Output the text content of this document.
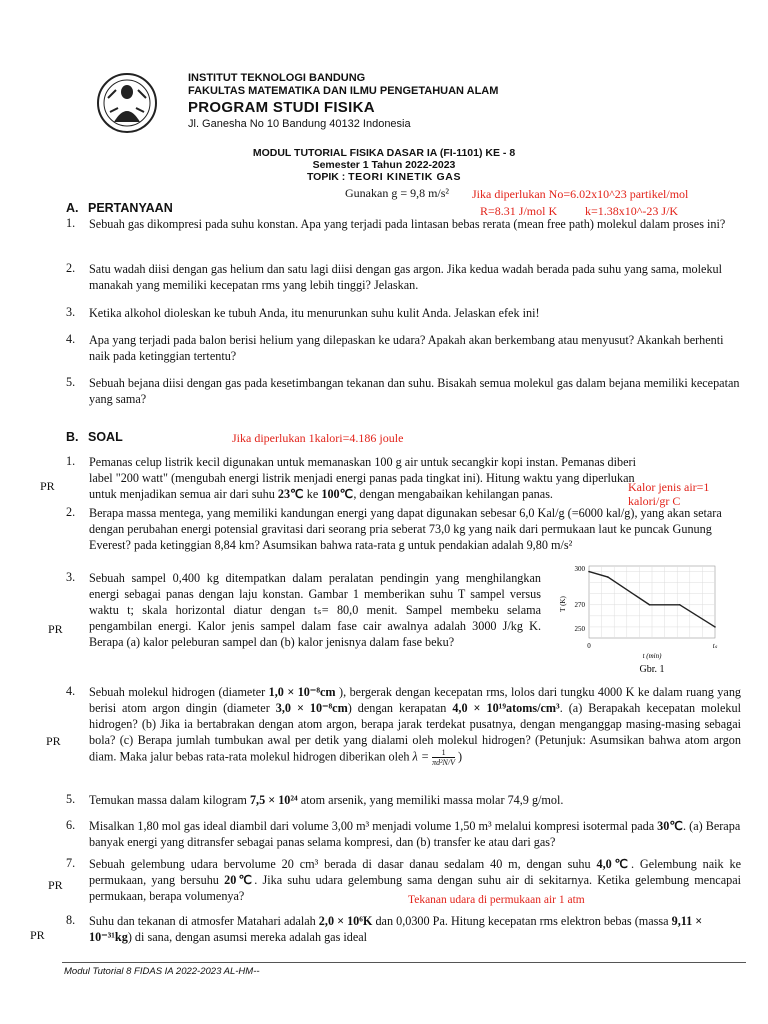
INSTITUT TEKNOLOGI BANDUNG
FAKULTAS MATEMATIKA DAN ILMU PENGETAHUAN ALAM
PROGRAM STUDI FISIKA
Jl. Ganesha No 10 Bandung 40132 Indonesia
MODUL TUTORIAL FISIKA DASAR IA (FI-1101) KE - 8
Semester 1 Tahun 2022-2023
TOPIK : TEORI KINETIK GAS
Gunakan g = 9,8 m/s² Jika diperlukan No=6.02x10^23 partikel/mol
R=8.31 J/mol K k=1.38x10^-23 J/K
A. PERTANYAAN
1. Sebuah gas dikompresi pada suhu konstan. Apa yang terjadi pada lintasan bebas rerata (mean free path) molekul dalam proses ini?
2. Satu wadah diisi dengan gas helium dan satu lagi diisi dengan gas argon. Jika kedua wadah berada pada suhu yang sama, molekul manakah yang memiliki kecepatan rms yang lebih tinggi? Jelaskan.
3. Ketika alkohol dioleskan ke tubuh Anda, itu menurunkan suhu kulit Anda. Jelaskan efek ini!
4. Apa yang terjadi pada balon berisi helium yang dilepaskan ke udara? Apakah akan berkembang atau menyusut? Akankah berhenti naik pada ketinggian tertentu?
5. Sebuah bejana diisi dengan gas pada kesetimbangan tekanan dan suhu. Bisakah semua molekul gas dalam bejana memiliki kecepatan yang sama?
B. SOAL	Jika diperlukan 1kalori=4.186 joule
1. Pemanas celup listrik kecil digunakan untuk memanaskan 100 g air untuk secangkir kopi instan. Pemanas diberi label "200 watt" (mengubah energi listrik menjadi energi panas pada tingkat ini). Hitung waktu yang diperlukan untuk menjadikan semua air dari suhu 23℃ ke 100℃, dengan mengabaikan kehilangan panas.	Kalor jenis air=1
kalori/gr C
PR
2. Berapa massa mentega, yang memiliki kandungan energi yang dapat digunakan sebesar 6,0 Kal/g (=6000 kal/g), yang akan setara dengan perubahan energi potensial gravitasi dari seorang pria seberat 73,0 kg yang naik dari permukaan laut ke puncak Gunung Everest? pada ketinggian 8,84 km? Asumsikan bahwa rata-rata g untuk pendakian adalah 9,80 m/s²
3. Sebuah sampel 0,400 kg ditempatkan dalam peralatan pendingin yang menghilangkan energi sebagai panas dengan laju konstan. Gambar 1 memberikan suhu T sampel versus waktu t; skala horizontal diatur dengan tₛ= 80,0 menit. Sampel membeku selama pengambilan energi. Kalor jenis sampel dalam fase cair awalnya adalah 3000 J/kg K. Berapa (a) kalor peleburan sampel dan (b) kalor jenisnya dalam fase beku?
PR
T (K)
300
270
250
0	tₛ
t (min)
Gbr. 1
4. Sebuah molekul hidrogen (diameter 1,0 × 10⁻⁸cm ), bergerak dengan kecepatan rms, lolos dari tungku 4000 K ke dalam ruang yang berisi atom argon dingin (diameter 3,0 × 10⁻⁸cm) dengan kerapatan 4,0 × 10¹⁹atoms/cm³. (a) Berapakah kecepatan molekul hidrogen? (b) Jika ia bertabrakan dengan atom argon, berapa jarak terdekat pusatnya, dengan menganggap masing-masing sebagai bola? (c) Berapa jumlah tumbukan awal per detik yang dialami oleh molekul hidrogen? (Petunjuk: Asumsikan bahwa atom argon diam. Maka jalur bebas rata-rata molekul hidrogen diberikan oleh $\lambda = \frac{1}{\text{πd²N/V}}$ )
PR
5. Temukan massa dalam kilogram 7,5 × 10²⁴ atom arsenik, yang memiliki massa molar 74,9 g/mol.
6. Misalkan 1,80 mol gas ideal diambil dari volume 3,00 m³ menjadi volume 1,50 m³ melalui kompresi isotermal pada 30℃. (a) Berapa banyak energi yang ditransfer sebagai panas selama kompresi, dan (b) transfer ke atau dari gas?
7. Sebuah gelembung udara bervolume 20 cm³ berada di dasar danau sedalam 40 m, dengan suhu 4,0℃. Gelembung naik ke permukaan, yang bersuhu 20℃. Jika suhu udara gelembung sama dengan suhu air di sekitarnya. Ketika gelembung mencapai permukaan, berapa volumenya?
PR
Tekanan udara di permukaan air 1 atm
8. Suhu dan tekanan di atmosfer Matahari adalah 2,0 × 10⁶K dan 0,0300 Pa. Hitung kecepatan rms elektron bebas (massa 9,11 × 10⁻³¹kg) di sana, dengan asumsi mereka adalah gas ideal
PR
Modul Tutorial 8 FIDAS IA 2022-2023 AL-HM--
